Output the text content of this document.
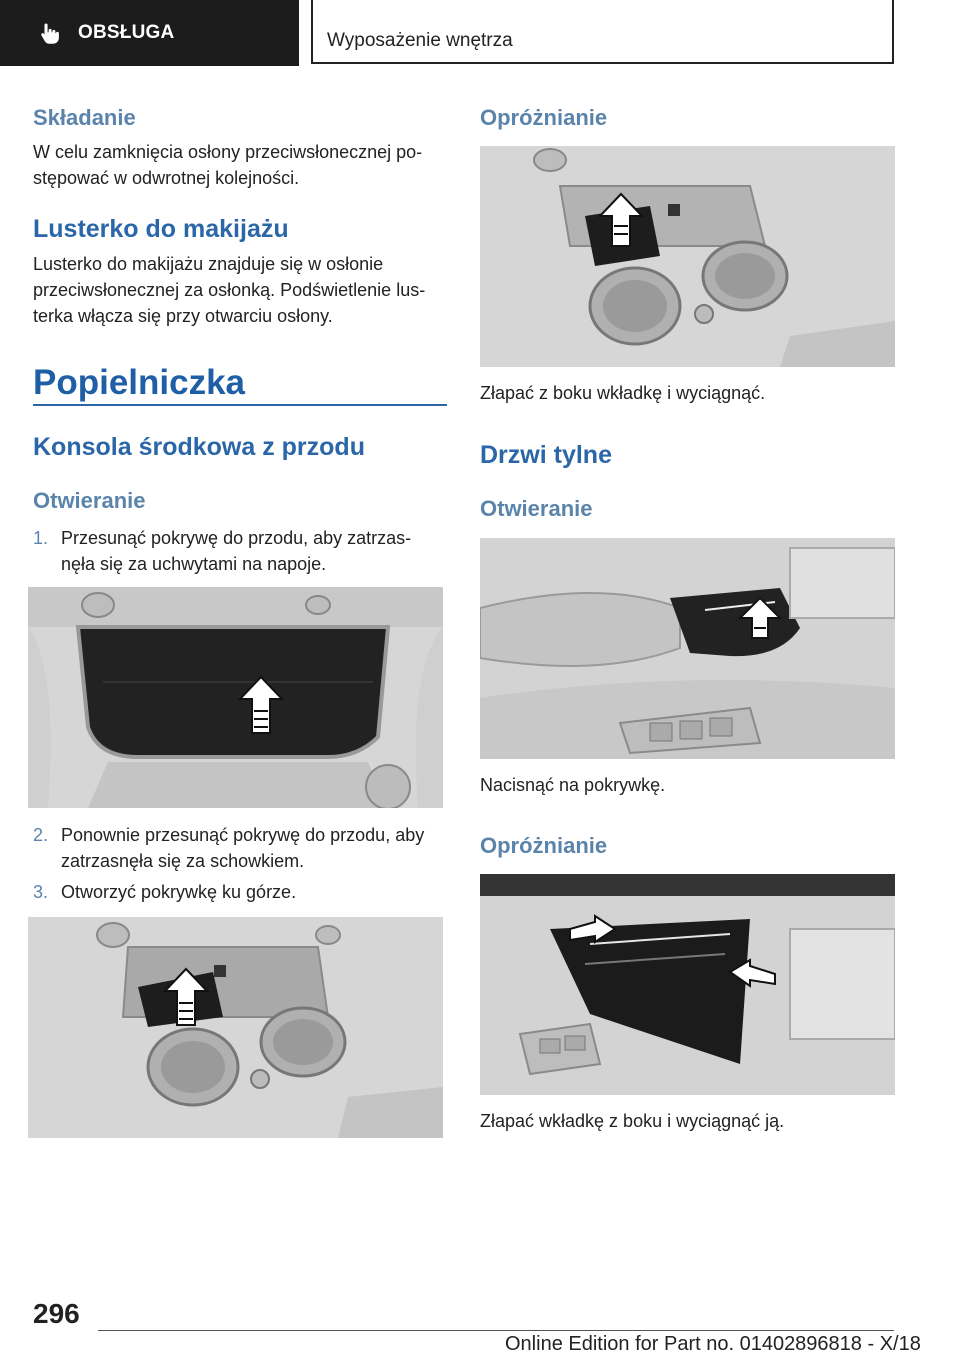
OBSŁUGA	Wyposażenie wnętrza
Składanie

W celu zamknięcia osłony przeciwsłonecznej po-

stępować w odwrotnej kolejności.

Lusterko do makijażu

Lusterko do makijażu znajduje się w osłonie

przeciwsłonecznej za osłonką. Podświetlenie lus-

terka włącza się przy otwarciu osłony.

Popielniczka
Konsola środkowa z przodu
Otwieranie
1. Przesunąć pokrywę do przodu, aby zatrzas-
nęła się za uchwytami na napoje.
2. Ponownie przesunąć pokrywę do przodu, aby
zatrzasnęła się za schowkiem.
3. Otworzyć pokrywkę ku górze.
Opróżnianie

Złapać z boku wkładkę i wyciągnąć.

Drzwi tylne
Otwieranie

Nacisnąć na pokrywkę.

Opróżnianie

Złapać wkładkę z boku i wyciągnąć ją.

296
Online Edition for Part no. 01402896818 - X/18
